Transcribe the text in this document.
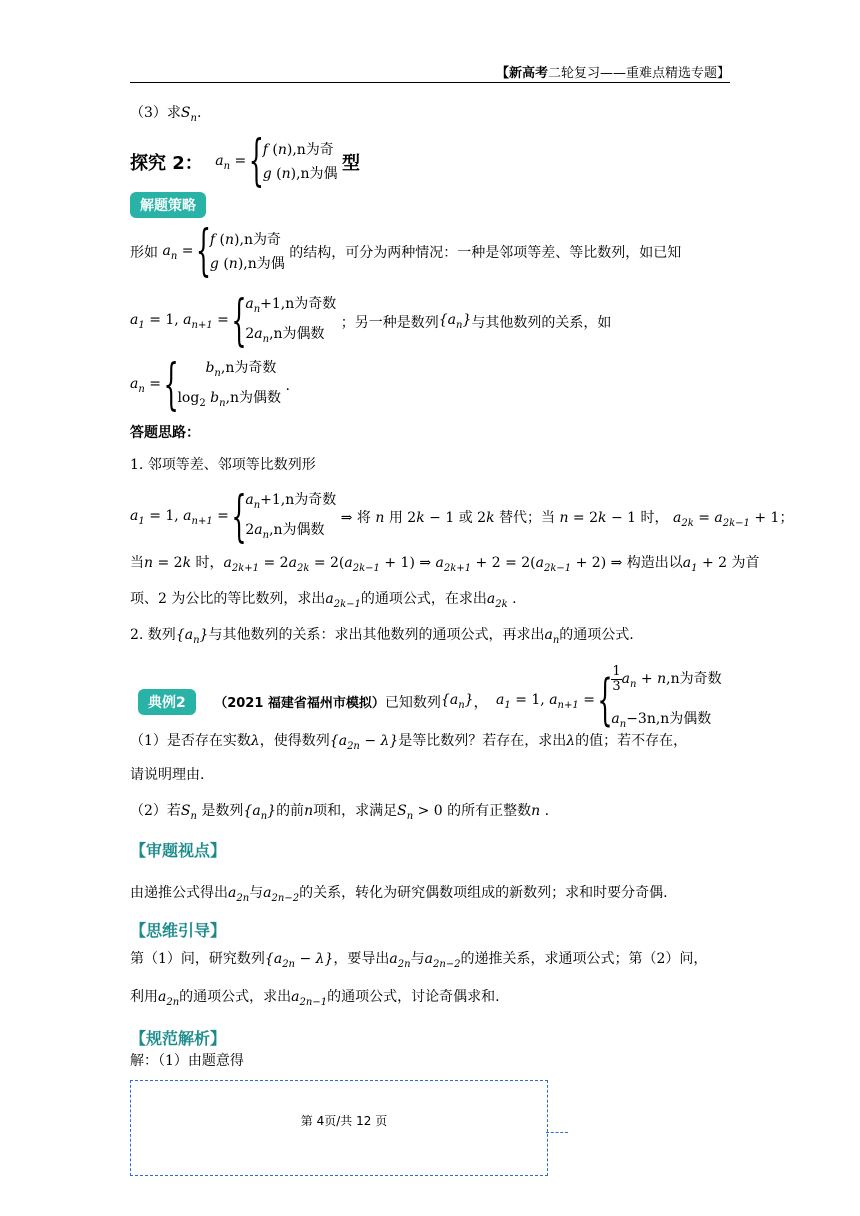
【新高考二轮复习——重难点精选专题】
（3）求$S_n$.
探究 2： $a_n$ =
{ f (n),n为奇
g (n),n为偶 型
解题策略
形如 $a_n$ =
{ f (n),n为奇
g (n),n为偶
的结构，可分为两种情况：一种是邻项等差、等比数列，如已知
$a_1 = 1$, $a_{n+1}$ =
{ $a_n+1,n$为奇数
$2a_n,n$为偶数
；另一种是数列$\{a_n\}$与其他数列的关系，如
$a_n$ =
{ $b_n,n$为奇数
$\log_2 b_n,n$为偶数
.
答题思路：
1. 邻项等差、邻项等比数列形
$a_1 = 1$, $a_{n+1}$ =
{ $a_n+1,n$为奇数
$2a_n,n$为偶数
⇒ 将 n 用 2k − 1 或 2k 替代；当 n = 2k − 1 时， $a_{2k} = a_{2k-1} + 1$；
当n = 2k 时，$a_{2k+1} = 2a_{2k} = 2(a_{2k-1} + 1)$ ⇒ $a_{2k+1} + 2 = 2(a_{2k-1} + 2)$ ⇒ 构造出以$a_1 + 2$ 为首
项、2 为公比的等比数列，求出$a_{2k-1}$的通项公式，在求出$a_{2k}$ .
2. 数列$\{a_n\}$与其他数列的关系：求出其他数列的通项公式，再求出$a_n$的通项公式.
典例2 （2021 福建省福州市模拟）已知数列$\{a_n\}$， $a_1 = 1$, $a_{n+1}$ =
{ $\frac{1}{3} a_n + n,n$为奇数
$a_n-3n,n$为偶数
（1）是否存在实数λ，使得数列$\{a_{2n} - \lambda\}$是等比数列？若存在，求出λ的值；若不存在，
请说明理由.
（2）若$S_n$ 是数列$\{a_n\}$的前n项和，求满足$S_n > 0$ 的所有正整数n .
【审题视点】
由递推公式得出$a_{2n}$与$a_{2n-2}$的关系，转化为研究偶数项组成的新数列；求和时要分奇偶.
【思维引导】
第（1）问，研究数列$\{a_{2n} - \lambda\}$，要导出$a_{2n}$与$a_{2n-2}$的递推关系，求通项公式；第（2）问，
利用$a_{2n}$的通项公式，求出$a_{2n-1}$的通项公式，讨论奇偶求和.
【规范解析】
解：（1）由题意得
第 4页/共 12 页
